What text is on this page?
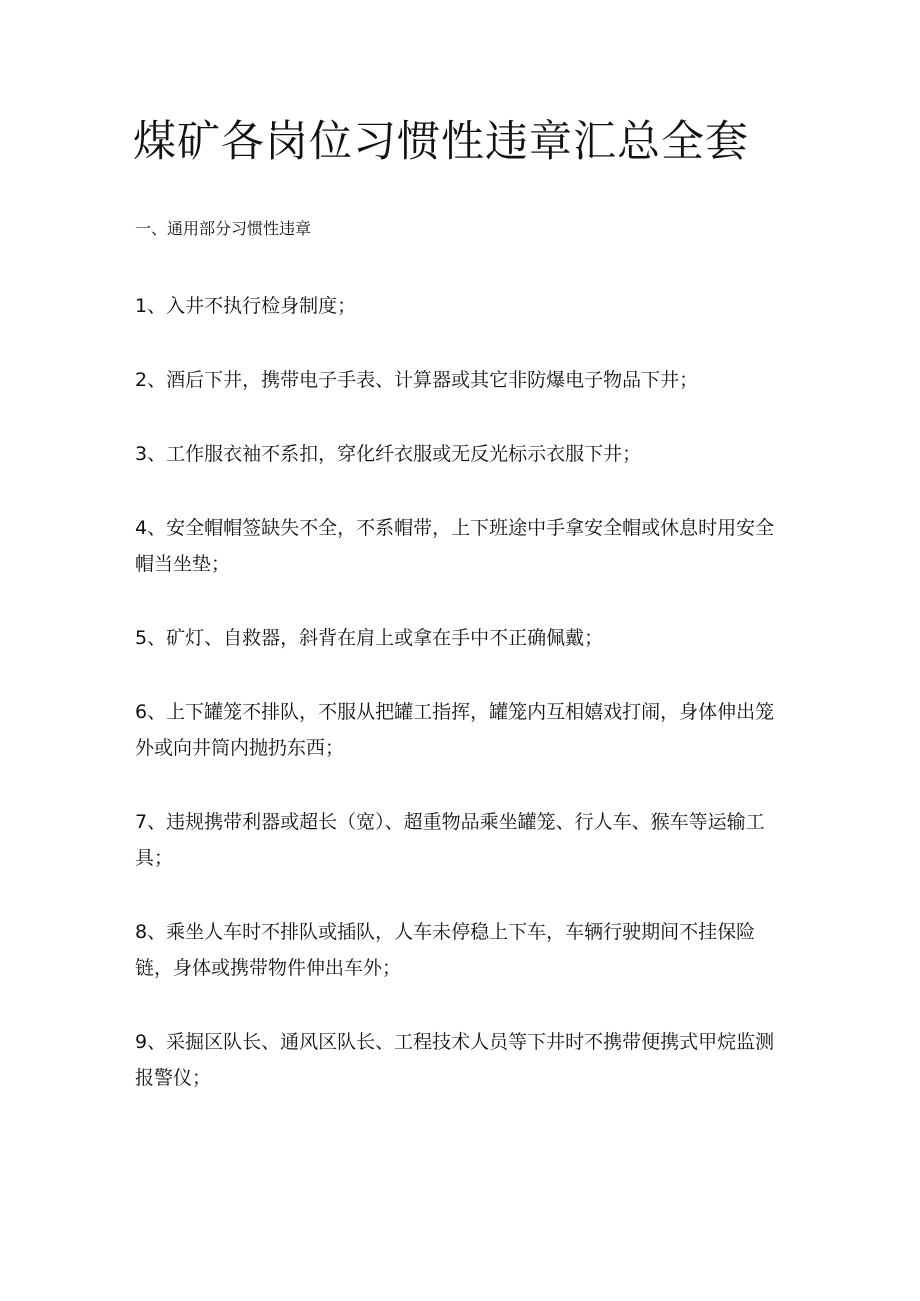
煤矿各岗位习惯性违章汇总全套
一、通用部分习惯性违章
1、入井不执行检身制度；
2、酒后下井，携带电子手表、计算器或其它非防爆电子物品下井；
3、工作服衣袖不系扣，穿化纤衣服或无反光标示衣服下井；
4、安全帽帽签缺失不全，不系帽带，上下班途中手拿安全帽或休息时用安全帽当坐垫；
5、矿灯、自救器，斜背在肩上或拿在手中不正确佩戴；
6、上下罐笼不排队，不服从把罐工指挥，罐笼内互相嬉戏打闹，身体伸出笼外或向井筒内抛扔东西；
7、违规携带利器或超长（宽）、超重物品乘坐罐笼、行人车、猴车等运输工具；
8、乘坐人车时不排队或插队，人车未停稳上下车，车辆行驶期间不挂保险链，身体或携带物件伸出车外；
9、采掘区队长、通风区队长、工程技术人员等下井时不携带便携式甲烷监测报警仪；
